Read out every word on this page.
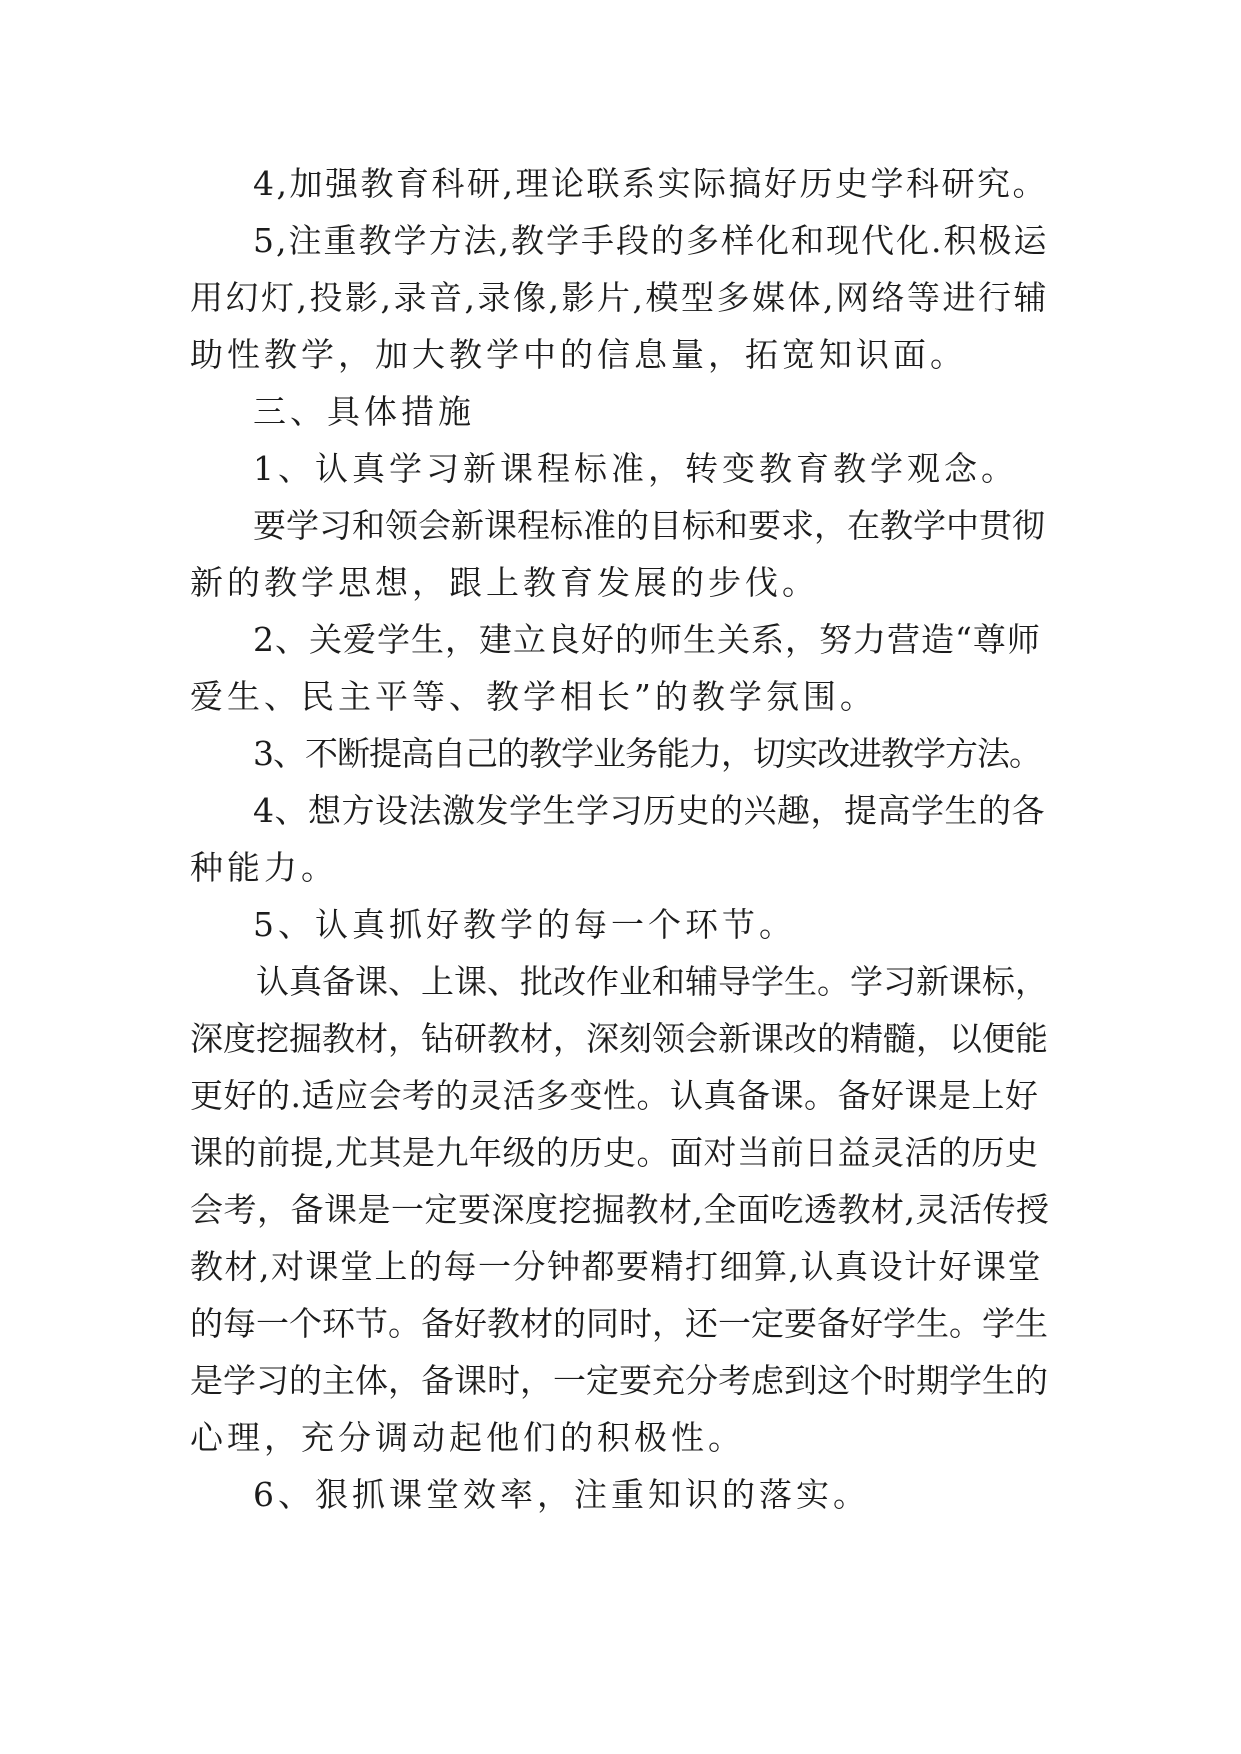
4,加强教育科研,理论联系实际搞好历史学科研究。

5,注重教学方法,教学手段的多样化和现代化.积极运

用幻灯,投影,录音,录像,影片,模型多媒体,网络等进行辅

助性教学，加大教学中的信息量，拓宽知识面。

三、具体措施

1、认真学习新课程标准，转变教育教学观念。

要学习和领会新课程标准的目标和要求，在教学中贯彻

新的教学思想，跟上教育发展的步伐。

2、关爱学生，建立良好的师生关系，努力营造“尊师

爱生、民主平等、教学相长”的教学氛围。

3、不断提高自己的教学业务能力，切实改进教学方法。

4、想方设法激发学生学习历史的兴趣，提高学生的各

种能力。

5、认真抓好教学的每一个环节。

认真备课、上课、批改作业和辅导学生。学习新课标，

深度挖掘教材，钻研教材，深刻领会新课改的精髓，以便能

更好的.适应会考的灵活多变性。认真备课。备好课是上好

课的前提,尤其是九年级的历史。面对当前日益灵活的历史

会考，备课是一定要深度挖掘教材,全面吃透教材,灵活传授

教材,对课堂上的每一分钟都要精打细算,认真设计好课堂

的每一个环节。备好教材的同时，还一定要备好学生。学生

是学习的主体，备课时，一定要充分考虑到这个时期学生的

心理，充分调动起他们的积极性。

6、狠抓课堂效率，注重知识的落实。
